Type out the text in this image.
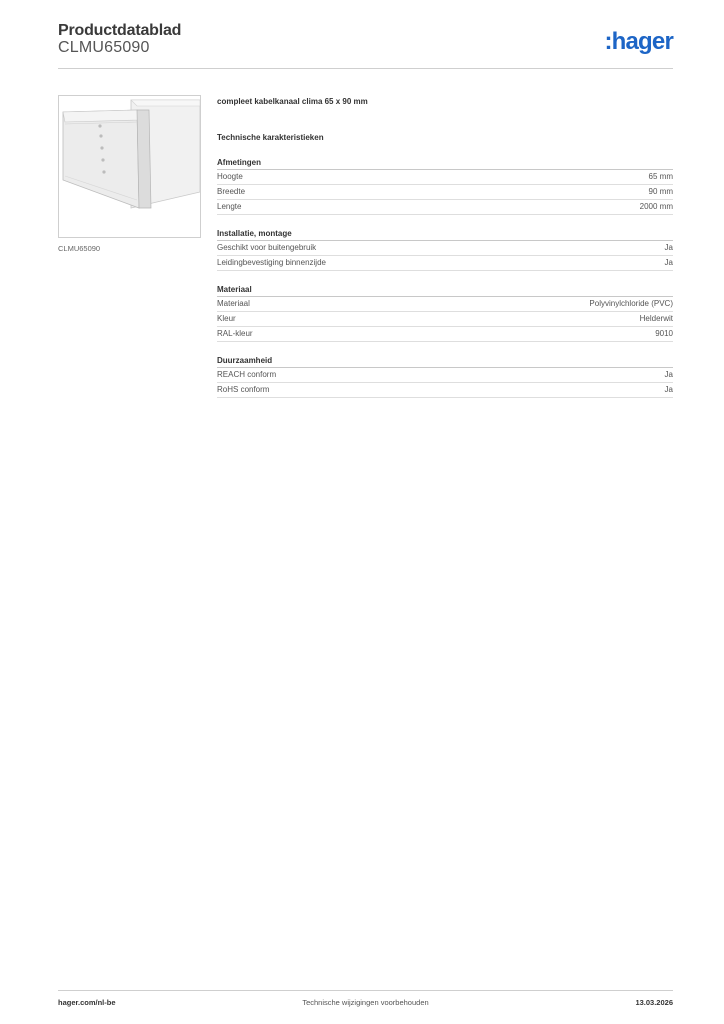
Productdatablad
CLMU65090	:hager
CLMU65090
compleet kabelkanaal clima 65 x 90 mm
Technische karakteristieken
Afmetingen
Hoogte	65 mm
Breedte	90 mm
Lengte	2000 mm
Installatie, montage
Geschikt voor buitengebruik	Ja
Leidingbevestiging binnenzijde	Ja
Materiaal
Materiaal	Polyvinylchloride (PVC)
Kleur	Helderwit
RAL-kleur	9010
Duurzaamheid
REACH conform	Ja
RoHS conform	Ja
hager.com/nl-be	Technische wijzigingen voorbehouden	13.03.2026
